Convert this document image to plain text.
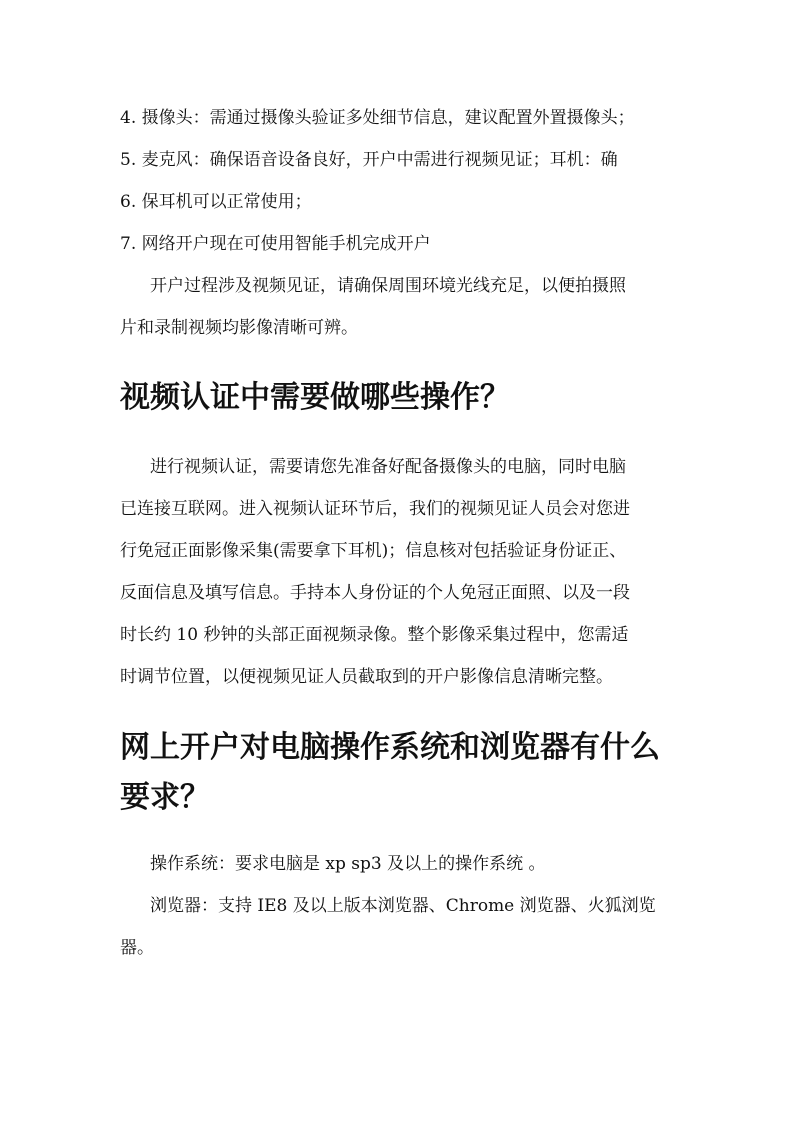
4. 摄像头：需通过摄像头验证多处细节信息，建议配置外置摄像头；
5. 麦克风：确保语音设备良好，开户中需进行视频见证；耳机：确
6. 保耳机可以正常使用；
7. 网络开户现在可使用智能手机完成开户
开户过程涉及视频见证，请确保周围环境光线充足，以便拍摄照
片和录制视频均影像清晰可辨。
视频认证中需要做哪些操作？
进行视频认证，需要请您先准备好配备摄像头的电脑，同时电脑
已连接互联网。进入视频认证环节后，我们的视频见证人员会对您进
行免冠正面影像采集(需要拿下耳机)；信息核对包括验证身份证正、
反面信息及填写信息。手持本人身份证的个人免冠正面照、以及一段
时长约 10 秒钟的头部正面视频录像。整个影像采集过程中，您需适
时调节位置，以便视频见证人员截取到的开户影像信息清晰完整。
网上开户对电脑操作系统和浏览器有什么
要求？
操作系统：要求电脑是 xp sp3 及以上的操作系统 。
浏览器：支持 IE8 及以上版本浏览器、Chrome 浏览器、火狐浏览
器。
